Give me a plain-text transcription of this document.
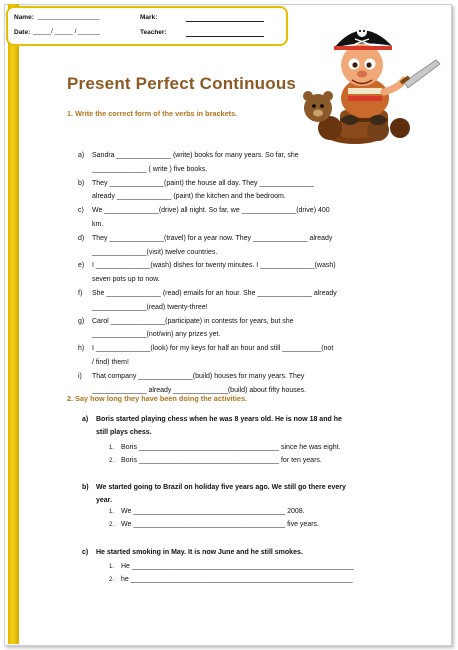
Name: _________________	Mark:
Date: _____/ _____ / ______	Teacher:
Present Perfect Continuous
1. Write the correct form of the verbs in brackets.
a)	Sandra ______________ (write) books for many years. So far, she
______________ ( write ) five books.
b)	They ______________(paint) the house all day. They ______________
already ______________ (paint) the kitchen and the bedroom.
c)	We ______________(drive) all night. So far, we ______________(drive) 400
km.
d)	They ______________(travel) for a year now. They ______________ already
______________(visit) twelve countries.
e)	I ______________(wash) dishes for twenty minutes. I ______________(wash)
seven pots up to now.
f)	She ______________ (read) emails for an hour. She ______________ already
______________(read) twenty-three!
g)	Carol ______________(participate) in contests for years, but she
______________(not/win) any prizes yet.
h)	I ______________(look) for my keys for half an hour and still __________(not
/ find) them!
i)	That company ______________(build) houses for many years. They
______________ already ______________(build) about fifty houses.
2. Say how long they have been doing the activities.
a) Boris started playing chess when he was 8 years old. He is now 18 and he
still plays chess.
1. Boris ____________________________________ since he was eight.
2. Boris ____________________________________ for ten years.
b) We started going to Brazil on holiday five years ago. We still go there every
year.
1. We _______________________________________ 2008.
2. We _______________________________________ five years.
c) He started smoking in May. It is now June and he still smokes.
1. He _________________________________________________________
2. he _________________________________________________________
